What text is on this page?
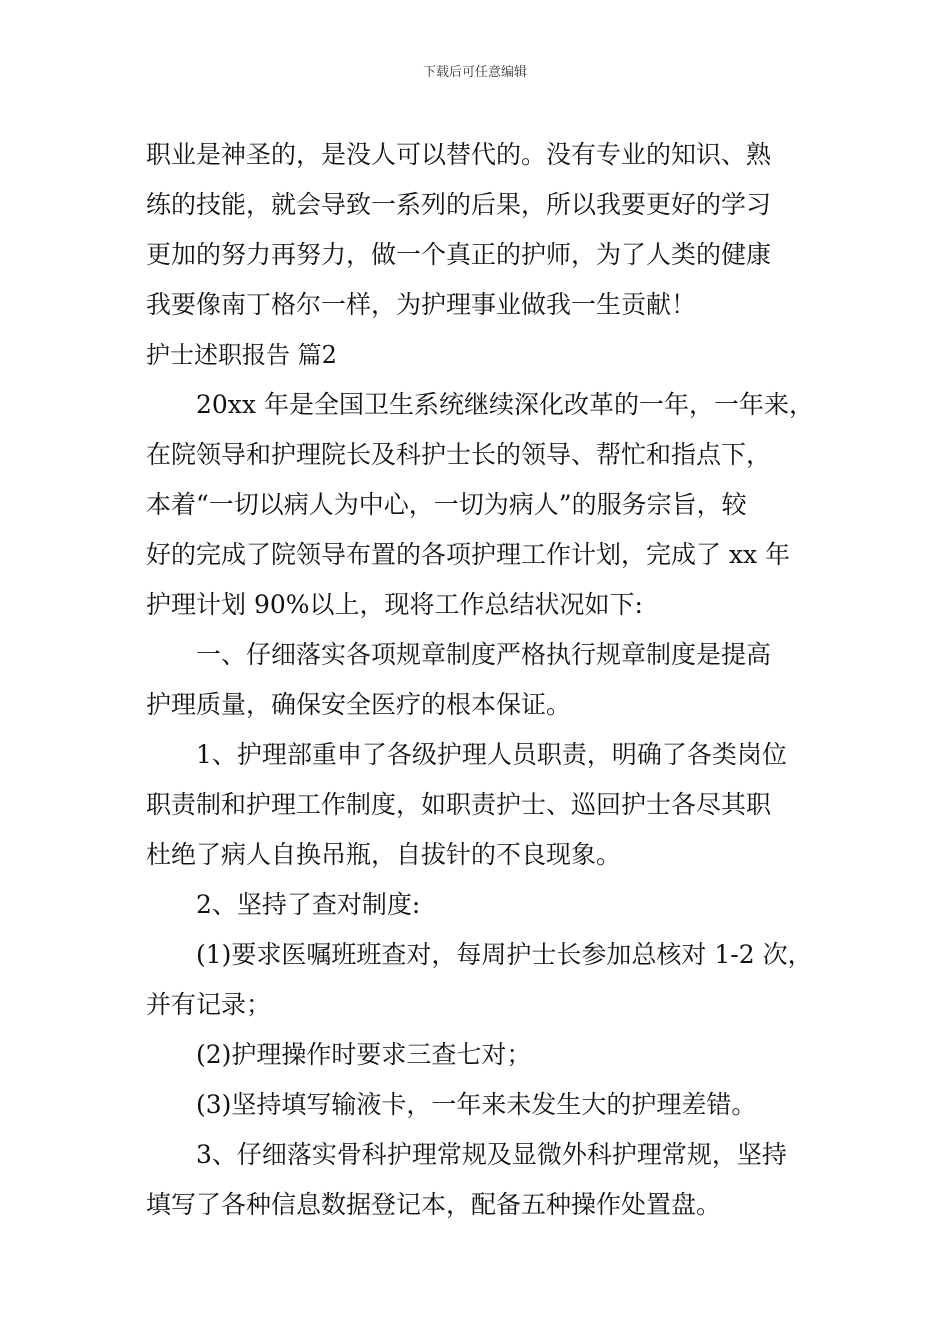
下载后可任意编辑
职业是神圣的，是没人可以替代的。没有专业的知识、熟
练的技能，就会导致一系列的后果，所以我要更好的学习
更加的努力再努力，做一个真正的护师，为了人类的健康
我要像南丁格尔一样，为护理事业做我一生贡献！
护士述职报告 篇2
20xx 年是全国卫生系统继续深化改革的一年，一年来，
在院领导和护理院长及科护士长的领导、帮忙和指点下，
本着“一切以病人为中心，一切为病人”的服务宗旨，较
好的完成了院领导布置的各项护理工作计划，完成了 xx 年
护理计划 90%以上，现将工作总结状况如下:
一、仔细落实各项规章制度严格执行规章制度是提高
护理质量，确保安全医疗的根本保证。
1、护理部重申了各级护理人员职责，明确了各类岗位
职责制和护理工作制度，如职责护士、巡回护士各尽其职
杜绝了病人自换吊瓶，自拔针的不良现象。
2、坚持了查对制度:
(1)要求医嘱班班查对，每周护士长参加总核对 1-2 次，
并有记录；
(2)护理操作时要求三查七对；
(3)坚持填写输液卡，一年来未发生大的护理差错。
3、仔细落实骨科护理常规及显微外科护理常规，坚持
填写了各种信息数据登记本，配备五种操作处置盘。
